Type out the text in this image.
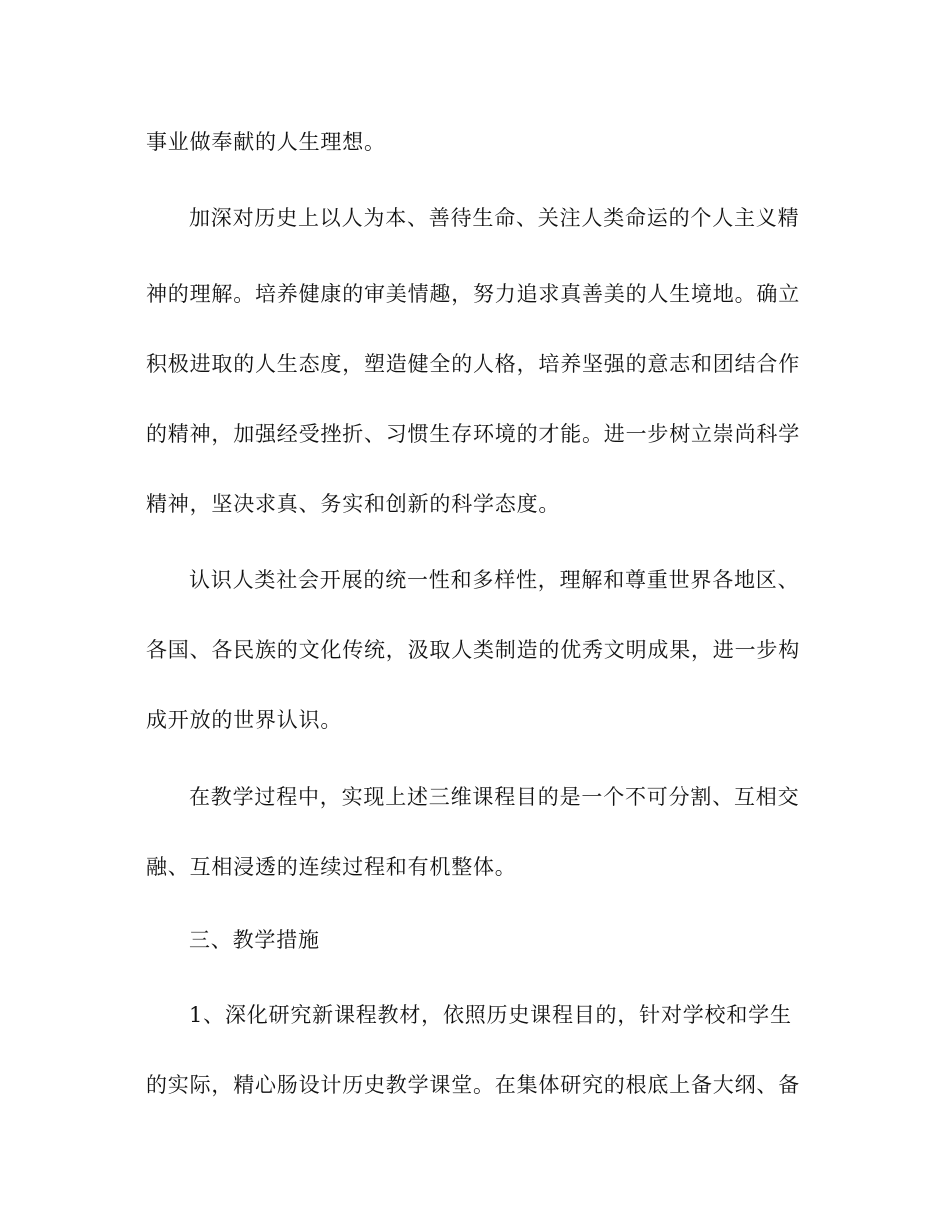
事业做奉献的人生理想。
加深对历史上以人为本、善待生命、关注人类命运的个人主义精
神的理解。培养健康的审美情趣，努力追求真善美的人生境地。确立
积极进取的人生态度，塑造健全的人格，培养坚强的意志和团结合作
的精神，加强经受挫折、习惯生存环境的才能。进一步树立崇尚科学
精神，坚决求真、务实和创新的科学态度。
认识人类社会开展的统一性和多样性，理解和尊重世界各地区、
各国、各民族的文化传统，汲取人类制造的优秀文明成果，进一步构
成开放的世界认识。
在教学过程中，实现上述三维课程目的是一个不可分割、互相交
融、互相浸透的连续过程和有机整体。
三、教学措施
1、深化研究新课程教材，依照历史课程目的，针对学校和学生
的实际，精心肠设计历史教学课堂。在集体研究的根底上备大纲、备
